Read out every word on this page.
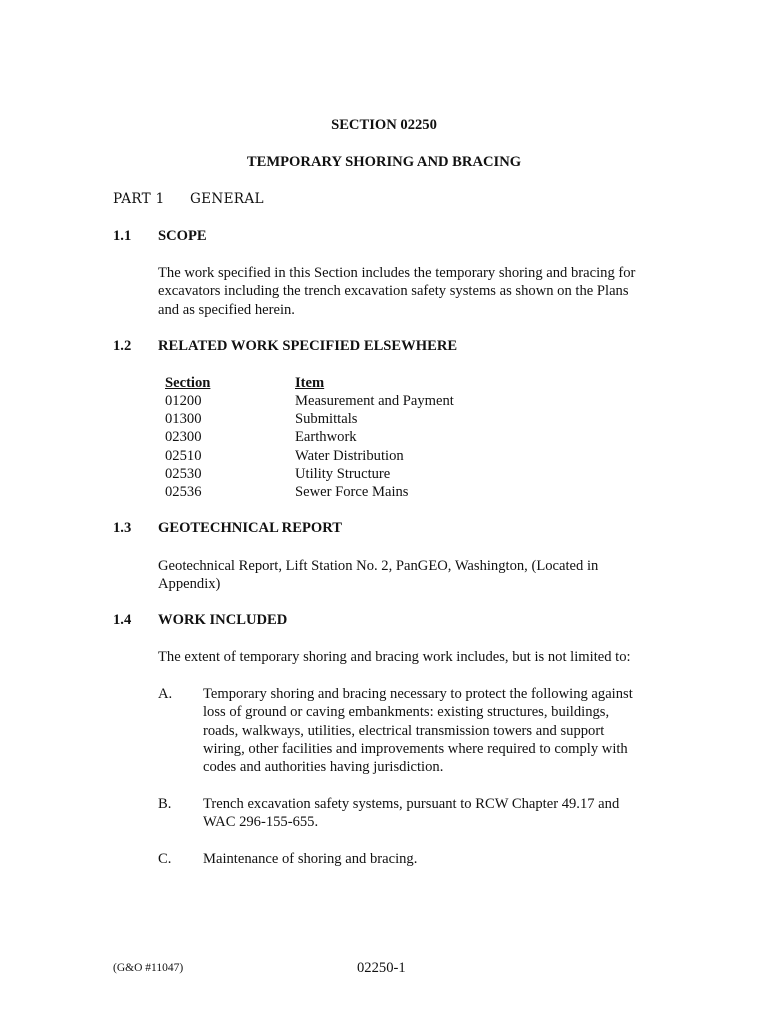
SECTION 02250
TEMPORARY SHORING AND BRACING
PART 1 GENERAL
1.1 SCOPE
The work specified in this Section includes the temporary shoring and bracing for excavators including the trench excavation safety systems as shown on the Plans and as specified herein.
1.2 RELATED WORK SPECIFIED ELSEWHERE
Section	Item
01200	Measurement and Payment
01300	Submittals
02300	Earthwork
02510	Water Distribution
02530	Utility Structure
02536	Sewer Force Mains
1.3 GEOTECHNICAL REPORT
Geotechnical Report, Lift Station No. 2, PanGEO, Washington, (Located in Appendix)
1.4 WORK INCLUDED
The extent of temporary shoring and bracing work includes, but is not limited to:
A. Temporary shoring and bracing necessary to protect the following against loss of ground or caving embankments: existing structures, buildings, roads, walkways, utilities, electrical transmission towers and support wiring, other facilities and improvements where required to comply with codes and authorities having jurisdiction.
B. Trench excavation safety systems, pursuant to RCW Chapter 49.17 and WAC 296-155-655.
C. Maintenance of shoring and bracing.
(G&O #11047)	02250-1
